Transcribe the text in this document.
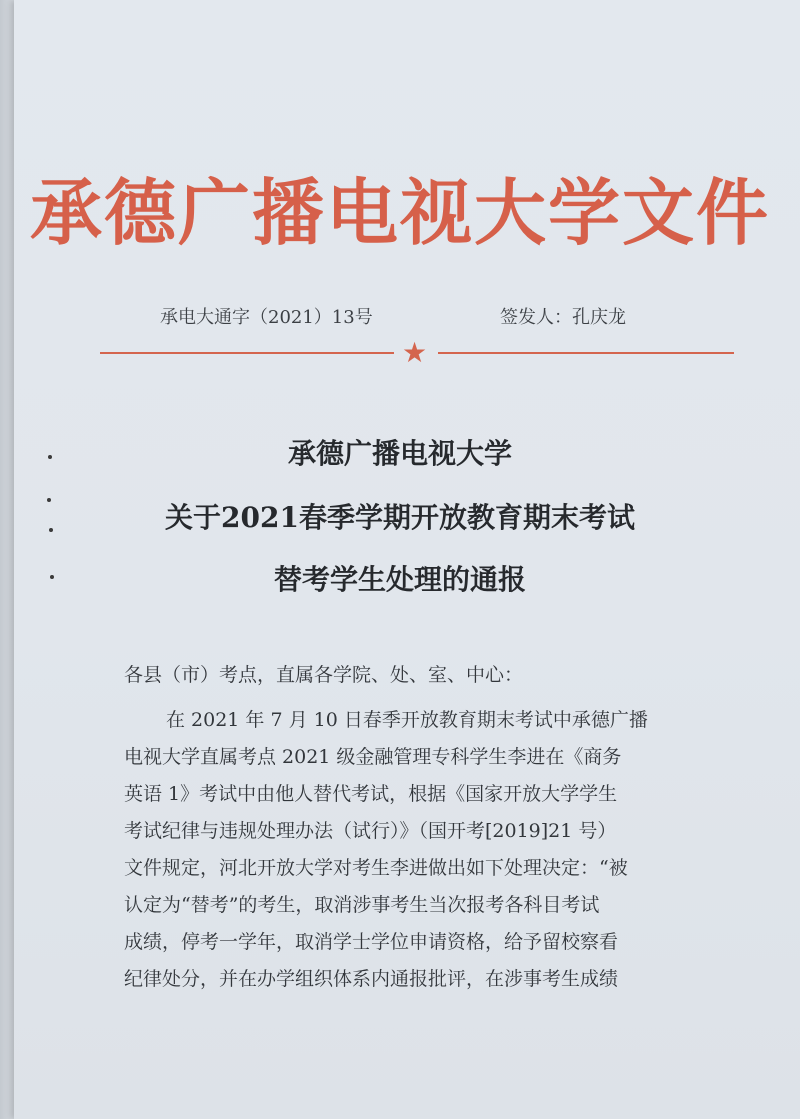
承德广播电视大学文件
承电大通字（2021）13号	签发人：孔庆龙
★
承德广播电视大学
关于2021春季学期开放教育期末考试
替考学生处理的通报
各县（市）考点，直属各学院、处、室、中心：
在 2021 年 7 月 10 日春季开放教育期末考试中承德广播
电视大学直属考点 2021 级金融管理专科学生李进在《商务
英语 1》考试中由他人替代考试，根据《国家开放大学学生
考试纪律与违规处理办法（试行）》（国开考[2019]21 号）
文件规定，河北开放大学对考生李进做出如下处理决定：“被
认定为“替考”的考生，取消涉事考生当次报考各科目考试
成绩，停考一学年，取消学士学位申请资格，给予留校察看
纪律处分，并在办学组织体系内通报批评，在涉事考生成绩
